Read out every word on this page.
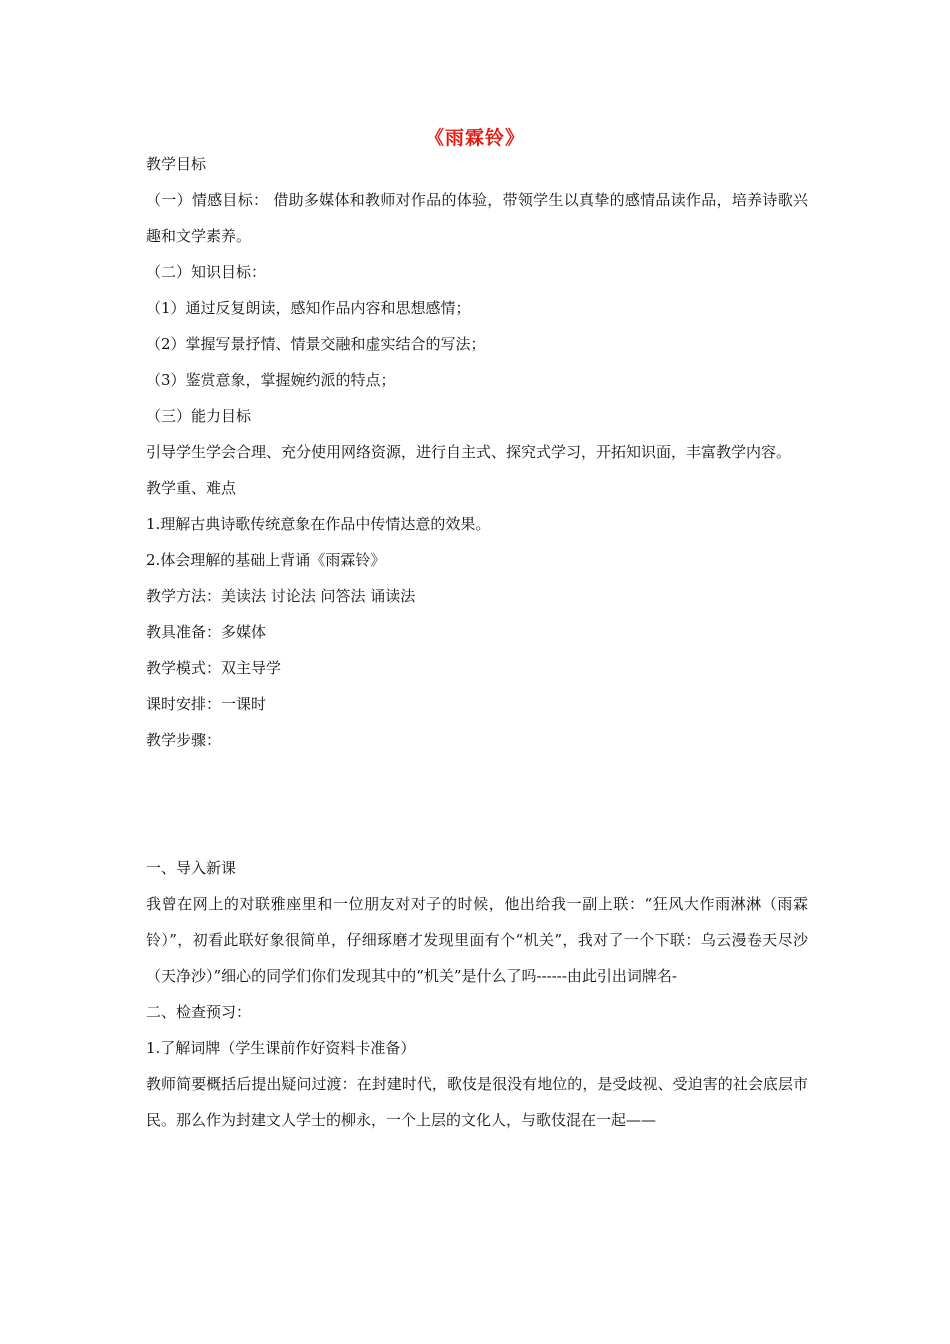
《雨霖铃》
教学目标
（一）情感目标： 借助多媒体和教师对作品的体验，带领学生以真挚的感情品读作品，培养诗歌兴趣和文学素养。
（二）知识目标：
（1）通过反复朗读，感知作品内容和思想感情；
（2）掌握写景抒情、情景交融和虚实结合的写法；
（3）鉴赏意象，掌握婉约派的特点；
（三）能力目标
引导学生学会合理、充分使用网络资源，进行自主式、探究式学习，开拓知识面，丰富教学内容。
教学重、难点
1.理解古典诗歌传统意象在作品中传情达意的效果。
2.体会理解的基础上背诵《雨霖铃》
教学方法：美读法 讨论法 问答法 诵读法
教具准备：多媒体
教学模式：双主导学
课时安排：一课时
教学步骤：
一、导入新课
我曾在网上的对联雅座里和一位朋友对对子的时候，他出给我一副上联：“狂风大作雨淋淋（雨霖铃）”，初看此联好象很简单，仔细琢磨才发现里面有个“机关”，我对了一个下联：乌云漫卷天尽沙（天净沙）”细心的同学们你们发现其中的“机关”是什么了吗------由此引出词牌名-
二、检查预习：
1.了解词牌（学生课前作好资料卡准备）
教师简要概括后提出疑问过渡：在封建时代，歌伎是很没有地位的，是受歧视、受迫害的社会底层市民。那么作为封建文人学士的柳永，一个上层的文化人，与歌伎混在一起——
